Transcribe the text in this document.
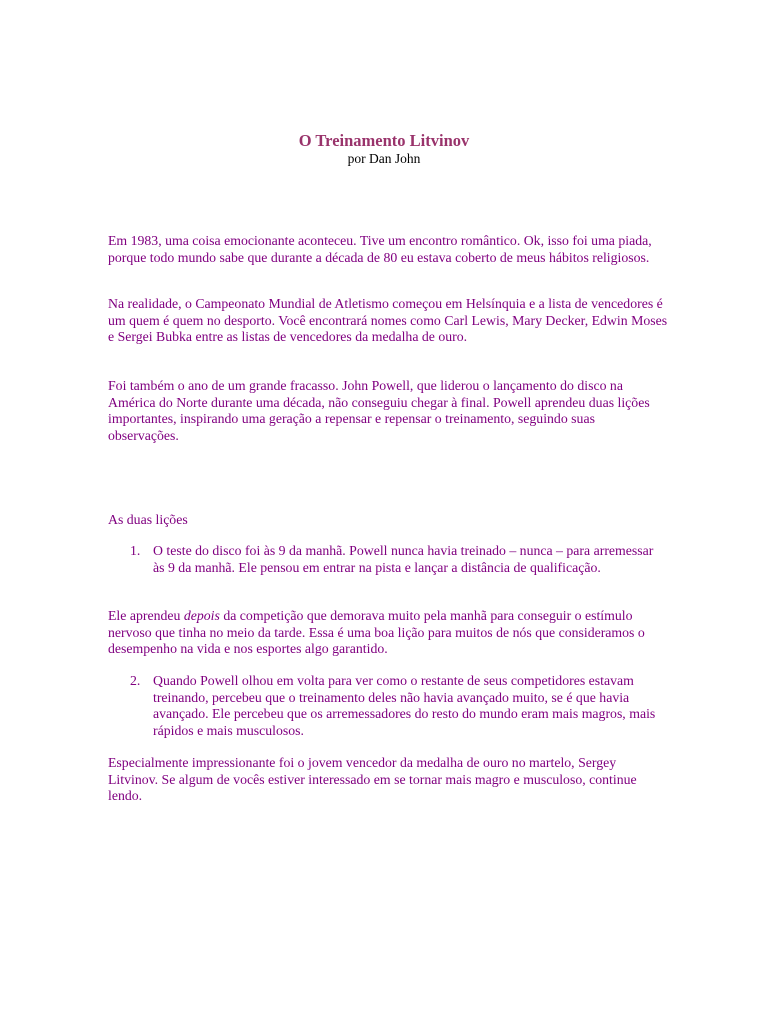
O Treinamento Litvinov
por Dan John

Em 1983, uma coisa emocionante aconteceu. Tive um encontro romântico. Ok, isso foi uma piada, porque todo mundo sabe que durante a década de 80 eu estava coberto de meus hábitos religiosos.

Na realidade, o Campeonato Mundial de Atletismo começou em Helsínquia e a lista de vencedores é um quem é quem no desporto. Você encontrará nomes como Carl Lewis, Mary Decker, Edwin Moses e Sergei Bubka entre as listas de vencedores da medalha de ouro.

Foi também o ano de um grande fracasso. John Powell, que liderou o lançamento do disco na América do Norte durante uma década, não conseguiu chegar à final. Powell aprendeu duas lições importantes, inspirando uma geração a repensar e repensar o treinamento, seguindo suas observações.

As duas lições

1. O teste do disco foi às 9 da manhã. Powell nunca havia treinado – nunca – para arremessar às 9 da manhã. Ele pensou em entrar na pista e lançar a distância de qualificação.

Ele aprendeu depois da competição que demorava muito pela manhã para conseguir o estímulo nervoso que tinha no meio da tarde. Essa é uma boa lição para muitos de nós que consideramos o desempenho na vida e nos esportes algo garantido.

2. Quando Powell olhou em volta para ver como o restante de seus competidores estavam treinando, percebeu que o treinamento deles não havia avançado muito, se é que havia avançado. Ele percebeu que os arremessadores do resto do mundo eram mais magros, mais rápidos e mais musculosos.

Especialmente impressionante foi o jovem vencedor da medalha de ouro no martelo, Sergey Litvinov. Se algum de vocês estiver interessado em se tornar mais magro e musculoso, continue lendo.
